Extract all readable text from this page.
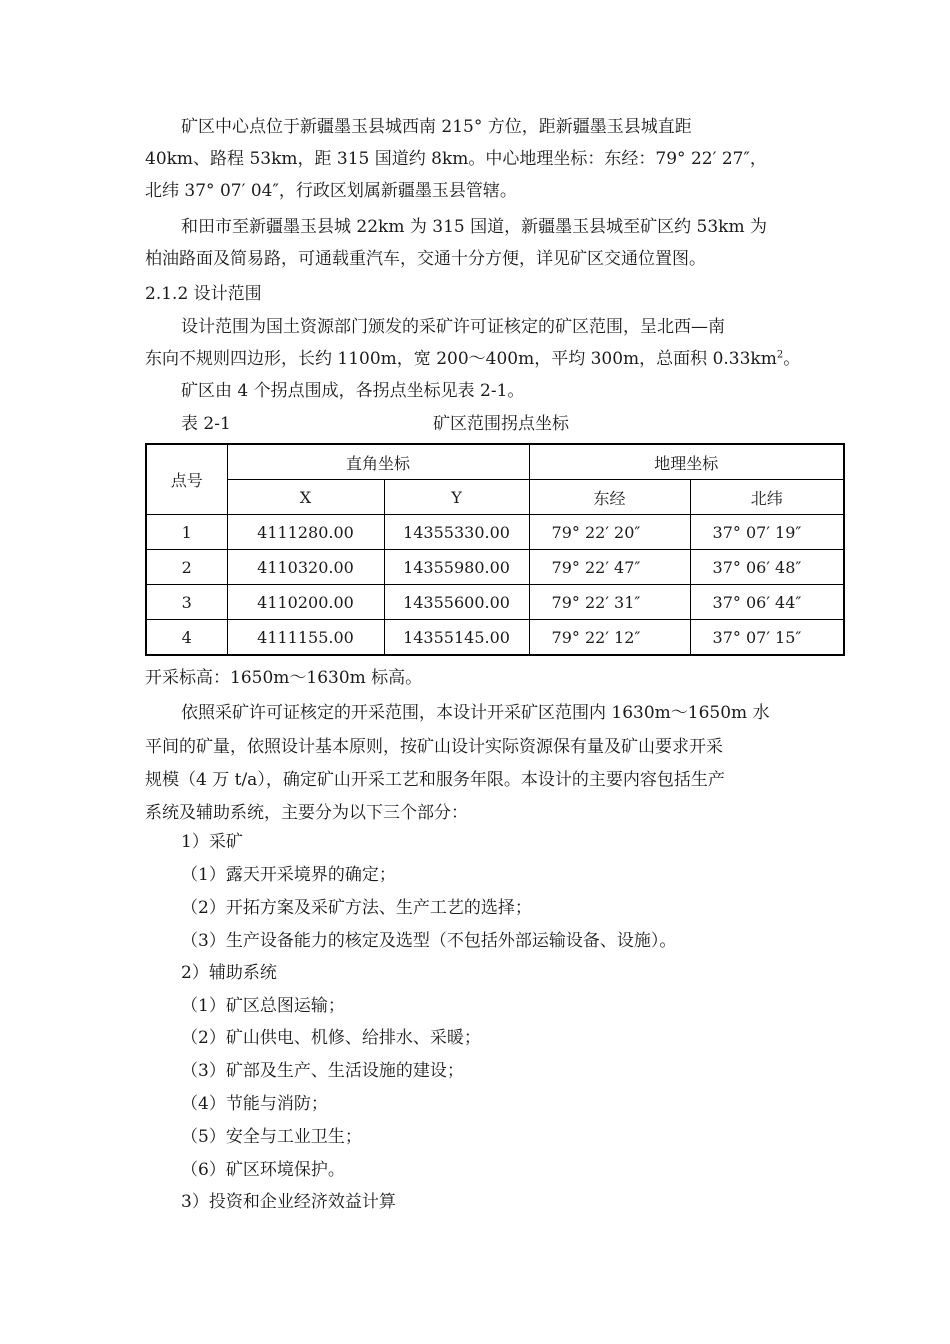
矿区中心点位于新疆墨玉县城西南 215° 方位，距新疆墨玉县城直距
40km、路程 53km，距 315 国道约 8km。中心地理坐标：东经：79° 22′ 27″，
北纬 37° 07′ 04″，行政区划属新疆墨玉县管辖。
和田市至新疆墨玉县城 22km 为 315 国道，新疆墨玉县城至矿区约 53km 为
柏油路面及简易路，可通载重汽车，交通十分方便，详见矿区交通位置图。
2.1.2 设计范围
设计范围为国土资源部门颁发的采矿许可证核定的矿区范围，呈北西—南
东向不规则四边形，长约 1100m，宽 200～400m，平均 300m，总面积 $0.33km^2$。
矿区由 4 个拐点围成，各拐点坐标见表 2-1。
表 2-1	矿区范围拐点坐标
点号	直角坐标		地理坐标	
	X	Y	东经	北纬
1	4111280.00	14355330.00	79° 22′ 20″	37° 07′ 19″
2	4110320.00	14355980.00	79° 22′ 47″	37° 06′ 48″
3	4110200.00	14355600.00	79° 22′ 31″	37° 06′ 44″
4	4111155.00	14355145.00	79° 22′ 12″	37° 07′ 15″
开采标高：1650m～1630m 标高。
依照采矿许可证核定的开采范围，本设计开采矿区范围内 1630m～1650m 水
平间的矿量，依照设计基本原则，按矿山设计实际资源保有量及矿山要求开采
规模（4 万 t/a），确定矿山开采工艺和服务年限。本设计的主要内容包括生产
系统及辅助系统，主要分为以下三个部分：
1）采矿
（1）露天开采境界的确定；
（2）开拓方案及采矿方法、生产工艺的选择；
（3）生产设备能力的核定及选型（不包括外部运输设备、设施）。
2）辅助系统
（1）矿区总图运输；
（2）矿山供电、机修、给排水、采暖；
（3）矿部及生产、生活设施的建设；
（4）节能与消防；
（5）安全与工业卫生；
（6）矿区环境保护。
3）投资和企业经济效益计算
